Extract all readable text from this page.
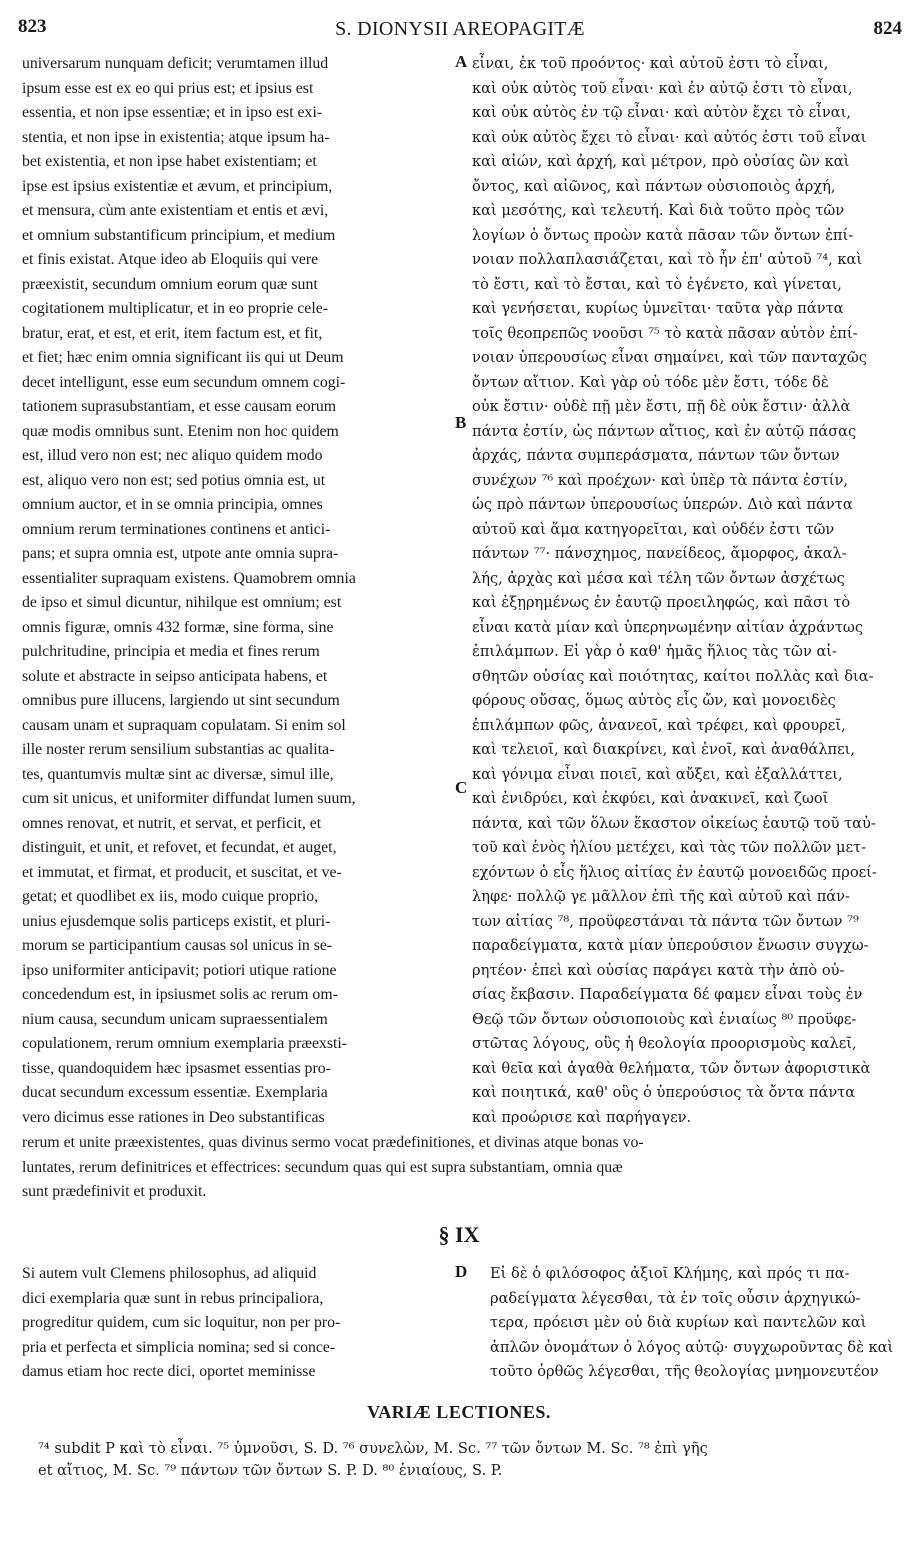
823	S. DIONYSII AREOPAGITÆ	824
universarum nunquam deficit; verumtamen illud
ipsum esse est ex eo qui prius est; et ipsius est
essentia, et non ipse essentiæ; et in ipso est exi-
stentia, et non ipse in existentia; atque ipsum ha-
bet existentia, et non ipse habet existentiam; et
ipse est ipsius existentiæ et ævum, et principium,
et mensura, cùm ante existentiam et entis et ævi,
et omnium substantificum principium, et medium
et finis existat. Atque ideo ab Eloquiis qui vere
præexistit, secundum omnium eorum quæ sunt
cogitationem multiplicatur, et in eo proprie cele-
bratur, erat, et est, et erit, item factum est, et fit,
et fiet; hæc enim omnia significant iis qui ut Deum
decet intelligunt, esse eum secundum omnem cogi-
tationem suprasubstantiam, et esse causam eorum
quæ modis omnibus sunt. Etenim non hoc quidem
est, illud vero non est; nec aliquo quidem modo
est, aliquo vero non est; sed potius omnia est, ut
omnium auctor, et in se omnia principia, omnes
omnium rerum terminationes continens et antici-
pans; et supra omnia est, utpote ante omnia supra-
essentialiter supraquam existens. Quamobrem omnia
de ipso et simul dicuntur, nihilque est omnium; est
omnis figuræ, omnis 432 formæ, sine forma, sine
pulchritudine, principia et media et fines rerum
solute et abstracte in seipso anticipata habens, et
omnibus pure illucens, largiendo ut sint secundum
causam unam et supraquam copulatam. Si enim sol
ille noster rerum sensilium substantias ac qualita-
tes, quantumvis multæ sint ac diversæ, simul ille,
cum sit unicus, et uniformiter diffundat lumen suum,
omnes renovat, et nutrit, et servat, et perficit, et
distinguit, et unit, et refovet, et fecundat, et auget,
et immutat, et firmat, et producit, et suscitat, et ve-
getat; et quodlibet ex iis, modo cuique proprio,
unius ejusdemque solis particeps existit, et pluri-
morum se participantium causas sol unicus in se-
ipso uniformiter anticipavit; potiori utique ratione
concedendum est, in ipsiusmet solis ac rerum om-
nium causa, secundum unicam supraessentialem
copulationem, rerum omnium exemplaria præexsti-
tisse, quandoquidem hæc ipsasmet essentias pro-
ducat secundum excessum essentiæ. Exemplaria
vero dicimus esse rationes in Deo substantificas
εἶναι, ἐκ τοῦ προόντος· καὶ αὐτοῦ ἐστι τὸ εἶναι,
καὶ οὐκ αὐτὸς τοῦ εἶναι· καὶ ἐν αὐτῷ ἐστι τὸ εἶναι,
καὶ οὐκ αὐτὸς ἐν τῷ εἶναι· καὶ αὐτὸν ἔχει τὸ εἶναι,
καὶ οὐκ αὐτὸς ἔχει τὸ εἶναι· καὶ αὐτός ἐστι τοῦ εἶναι
καὶ αἰών, καὶ ἀρχή, καὶ μέτρον, πρὸ οὐσίας ὢν καὶ
ὄντος, καὶ αἰῶνος, καὶ πάντων οὐσιοποιὸς ἀρχή,
καὶ μεσότης, καὶ τελευτή. Καὶ διὰ τοῦτο πρὸς τῶν
λογίων ὁ ὄντως προὼν κατὰ πᾶσαν τῶν ὄντων ἐπί-
νοιαν πολλαπλασιάζεται, καὶ τὸ ἦν ἐπ' αὐτοῦ ⁷⁴, καὶ
τὸ ἔστι, καὶ τὸ ἔσται, καὶ τὸ ἐγένετο, καὶ γίνεται,
καὶ γενήσεται, κυρίως ὑμνεῖται· ταῦτα γὰρ πάντα
τοῖς θεοπρεπῶς νοοῦσι ⁷⁵ τὸ κατὰ πᾶσαν αὐτὸν ἐπί-
νοιαν ὑπερουσίως εἶναι σημαίνει, καὶ τῶν πανταχῶς
ὄντων αἴτιον. Καὶ γὰρ οὐ τόδε μὲν ἔστι, τόδε δὲ
οὐκ ἔστιν· οὐδὲ πῇ μὲν ἔστι, πῇ δὲ οὐκ ἔστιν· ἀλλὰ
πάντα ἐστίν, ὡς πάντων αἴτιος, καὶ ἐν αὐτῷ πάσας
ἀρχάς, πάντα συμπεράσματα, πάντων τῶν ὄντων
συνέχων ⁷⁶ καὶ προέχων· καὶ ὑπὲρ τὰ πάντα ἐστίν,
ὡς πρὸ πάντων ὑπερουσίως ὑπερών. Διὸ καὶ πάντα
αὐτοῦ καὶ ἅμα κατηγορεῖται, καὶ οὐδέν ἐστι τῶν
πάντων ⁷⁷· πάνσχημος, πανείδεος, ἄμορφος, ἀκαλ-
λής, ἀρχὰς καὶ μέσα καὶ τέλη τῶν ὄντων ἀσχέτως
καὶ ἐξῃρημένως ἐν ἑαυτῷ προειληφώς, καὶ πᾶσι τὸ
εἶναι κατὰ μίαν καὶ ὑπερηνωμένην αἰτίαν ἀχράντως
ἐπιλάμπων. Εἰ γὰρ ὁ καθ' ἡμᾶς ἥλιος τὰς τῶν αἰ-
σθητῶν οὐσίας καὶ ποιότητας, καίτοι πολλὰς καὶ δια-
φόρους οὔσας, ὅμως αὐτὸς εἷς ὤν, καὶ μονοειδὲς
ἐπιλάμπων φῶς, ἀνανεοῖ, καὶ τρέφει, καὶ φρουρεῖ,
καὶ τελειοῖ, καὶ διακρίνει, καὶ ἑνοῖ, καὶ ἀναθάλπει,
καὶ γόνιμα εἶναι ποιεῖ, καὶ αὔξει, καὶ ἐξαλλάττει,
καὶ ἐνιδρύει, καὶ ἐκφύει, καὶ ἀνακινεῖ, καὶ ζωοῖ
πάντα, καὶ τῶν ὅλων ἕκαστον οἰκείως ἑαυτῷ τοῦ ταὐ-
τοῦ καὶ ἑνὸς ἡλίου μετέχει, καὶ τὰς τῶν πολλῶν μετ-
εχόντων ὁ εἷς ἥλιος αἰτίας ἐν ἑαυτῷ μονοειδῶς προεί-
ληφε· πολλῷ γε μᾶλλον ἐπὶ τῆς καὶ αὐτοῦ καὶ πάν-
των αἰτίας ⁷⁸, προϋφεστάναι τὰ πάντα τῶν ὄντων ⁷⁹
παραδείγματα, κατὰ μίαν ὑπερούσιον ἕνωσιν συγχω-
ρητέον· ἐπεὶ καὶ οὐσίας παράγει κατὰ τὴν ἀπὸ οὐ-
σίας ἔκβασιν. Παραδείγματα δέ φαμεν εἶναι τοὺς ἐν
Θεῷ τῶν ὄντων οὐσιοποιοὺς καὶ ἑνιαίως ⁸⁰ προϋφε-
στῶτας λόγους, οὓς ἡ θεολογία προορισμοὺς καλεῖ,
καὶ θεῖα καὶ ἀγαθὰ θελήματα, τῶν ὄντων ἀφοριστικὰ
καὶ ποιητικά, καθ' οὓς ὁ ὑπερούσιος τὰ ὄντα πάντα
καὶ προώρισε καὶ παρήγαγεν.
A
B
C
D
rerum et unite præexistentes, quas divinus sermo vocat prædefinitiones, et divinas atque bonas vo-
luntates, rerum definitrices et effectrices: secundum quas qui est supra substantiam, omnia quæ
sunt prædefinivit et produxit.
§ IX
Si autem vult Clemens philosophus, ad aliquid
dici exemplaria quæ sunt in rebus principaliora,
progreditur quidem, cum sic loquitur, non per pro-
pria et perfecta et simplicia nomina; sed si conce-
damus etiam hoc recte dici, oportet meminisse
Εἰ δὲ ὁ φιλόσοφος ἀξιοῖ Κλήμης, καὶ πρός τι πα-
ραδείγματα λέγεσθαι, τὰ ἐν τοῖς οὖσιν ἀρχηγικώ-
τερα, πρόεισι μὲν οὐ διὰ κυρίων καὶ παντελῶν καὶ
ἁπλῶν ὀνομάτων ὁ λόγος αὐτῷ· συγχωροῦντας δὲ καὶ
τοῦτο ὀρθῶς λέγεσθαι, τῆς θεολογίας μνημονευτέον
VARIÆ LECTIONES.
⁷⁴ subdit P καὶ τὸ εἶναι. ⁷⁵ ὑμνοῦσι, S. D. ⁷⁶ συνελὼν, M. Sc. ⁷⁷ τῶν ὄντων M. Sc. ⁷⁸ ἐπὶ γῆς
et αἴτιος, M. Sc. ⁷⁹ πάντων τῶν ὄντων S. P. D. ⁸⁰ ἑνιαίους, S. P.
